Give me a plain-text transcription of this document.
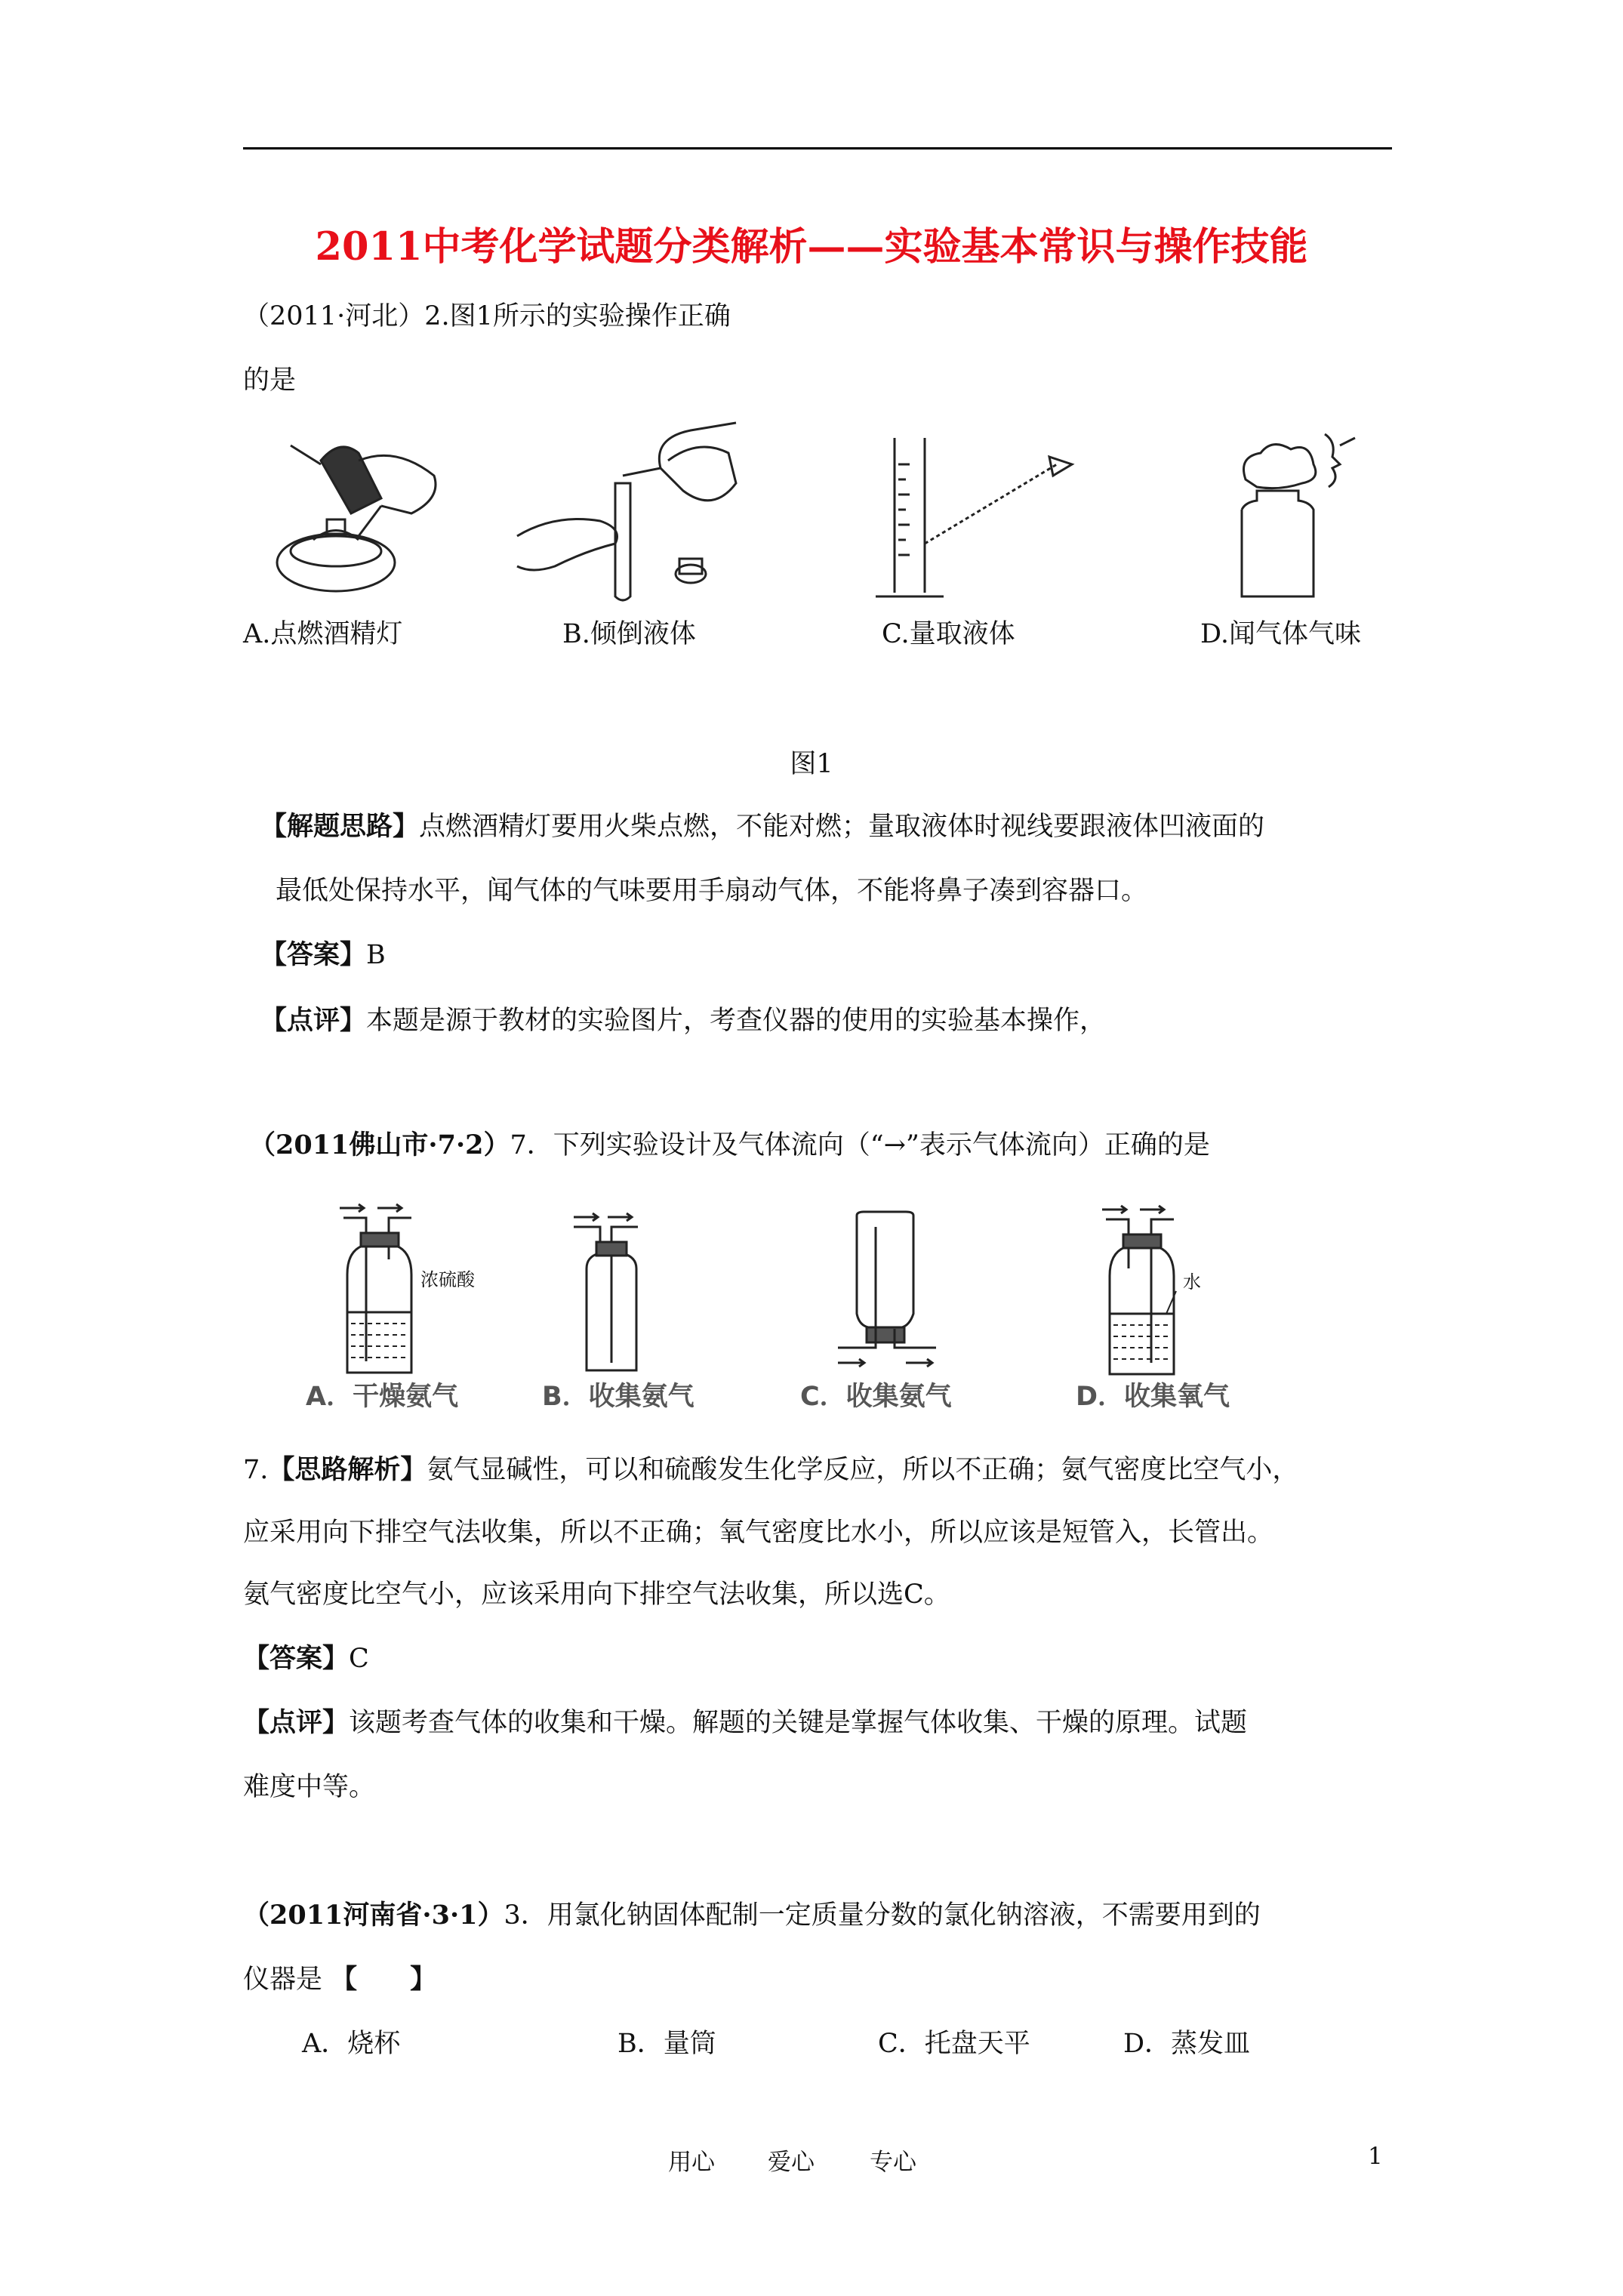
2011中考化学试题分类解析——实验基本常识与操作技能
（2011·河北）2.图1所示的实验操作正确
的是
A.点燃酒精灯	B.倾倒液体	C.量取液体	D.闻气体气味
图1
【解题思路】点燃酒精灯要用火柴点燃，不能对燃；量取液体时视线要跟液体凹液面的
最低处保持水平，闻气体的气味要用手扇动气体，不能将鼻子凑到容器口。
【答案】B
【点评】本题是源于教材的实验图片，考查仪器的使用的实验基本操作，
（2011佛山市·7·2）7．下列实验设计及气体流向（“→”表示气体流向）正确的是
浓硫酸
A．干燥氨气	B．收集氨气	C．收集氨气
水
D．收集氧气
7.【思路解析】氨气显碱性，可以和硫酸发生化学反应，所以不正确；氨气密度比空气小，
应采用向下排空气法收集，所以不正确；氧气密度比水小，所以应该是短管入，长管出。
氨气密度比空气小，应该采用向下排空气法收集，所以选C。
【答案】C
【点评】该题考查气体的收集和干燥。解题的关键是掌握气体收集、干燥的原理。试题
难度中等。
（2011河南省·3·1）3．用氯化钠固体配制一定质量分数的氯化钠溶液，不需要用到的
仪器是 【　　】
A．烧杯	B．量筒	C．托盘天平	D．蒸发皿
用心 爱心 专心	1
